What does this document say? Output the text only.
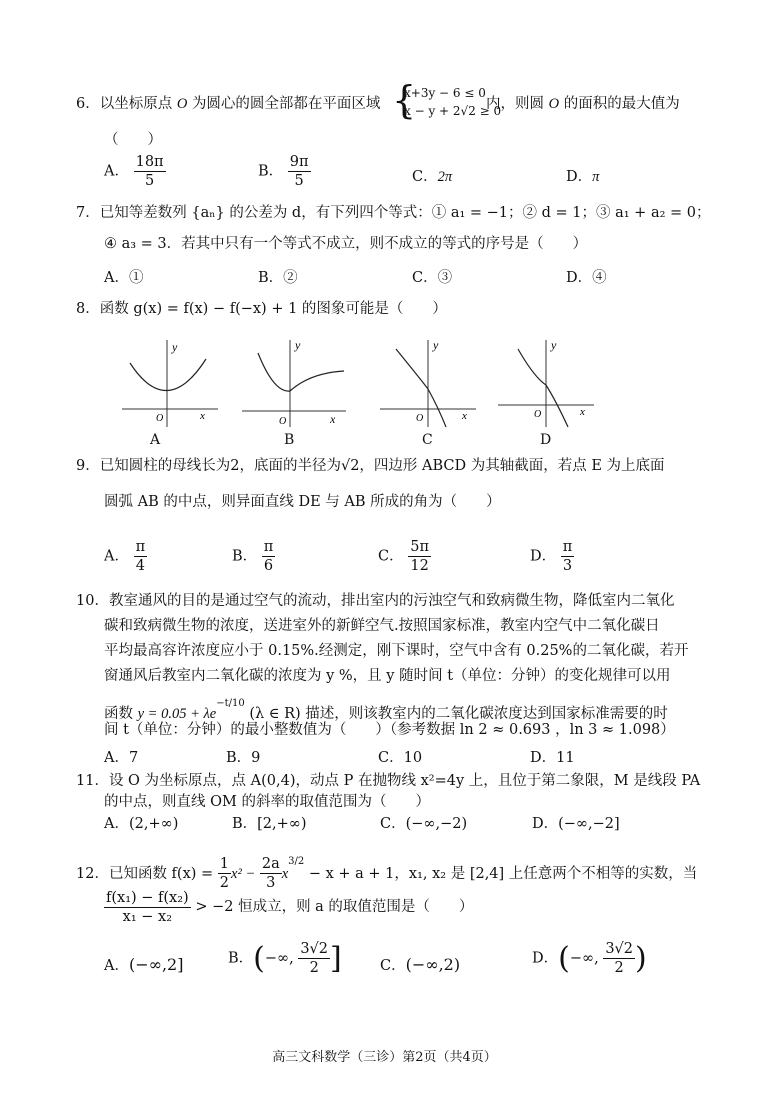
6．以坐标原点 O 为圆心的圆全部都在平面区域 {
x+3y − 6 ≤ 0
x − y + 2√2 ≥ 0
内，则圆 O 的面积的最大值为
（　　）
A． $\frac{18\pi}{5}$	B． $\frac{9\pi}{5}$	C．2π	D．π
7．已知等差数列 {aₙ} 的公差为 d，有下列四个等式：① a₁ = −1；② d = 1；③ a₁ + a₂ = 0；
④ a₃ = 3．若其中只有一个等式不成立，则不成立的等式的序号是（　　）
A．①	B．②	C．③	D．④
8．函数 g(x) = f(x) − f(−x) + 1 的图象可能是（　　）
y
O	x
A
y
O	x
B
y
O	x
C
y
O	x
D
9．已知圆柱的母线长为2，底面的半径为√2，四边形 ABCD 为其轴截面，若点 E 为上底面
圆弧 AB 的中点，则异面直线 DE 与 AB 所成的角为（　　）
A． $\frac{\pi}{4}$	B． $\frac{\pi}{6}$	C． $\frac{5\pi}{12}$	D． $\frac{\pi}{3}$
10．教室通风的目的是通过空气的流动，排出室内的污浊空气和致病微生物，降低室内二氧化
碳和致病微生物的浓度，送进室外的新鲜空气.按照国家标准，教室内空气中二氧化碳日
平均最高容许浓度应小于 0.15%.经测定，刚下课时，空气中含有 0.25%的二氧化碳，若开
窗通风后教室内二氧化碳的浓度为 y %，且 y 随时间 t（单位：分钟）的变化规律可以用
函数 $y = 0.05 + \lambda e^{-t/10}$ (λ ∈ R) 描述，则该教室内的二氧化碳浓度达到国家标准需要的时
间 t（单位：分钟）的最小整数值为（　　）（参考数据 ln 2 ≈ 0.693 ，ln 3 ≈ 1.098）
A．7	B．9	C．10	D．11
11．设 O 为坐标原点，点 A(0,4)，动点 P 在抛物线 x²=4y 上，且位于第二象限，M 是线段 PA
的中点，则直线 OM 的斜率的取值范围为（　　）
A．(2,+∞)	B．[2,+∞)	C．(−∞,−2)	D．(−∞,−2]
12．已知函数 $f(x) = \frac{1}{2} x^2 - \frac{2a}{3} x^{3/2} - x + a + 1$，x₁, x₂ 是 [2,4] 上任意两个不相等的实数，当
$\frac{\text{f(x₁) − f(x₂)}}{\text{x₁ − x₂}} > -2$ 恒成立，则 a 的取值范围是（　　）
A．(−∞,2]	B．(−∞, $\frac{3√2}{2}$ ]	C．(−∞,2)	D．(−∞, $\frac{3√2}{2}$ )
高三文科数学（三诊）第2页（共4页）
